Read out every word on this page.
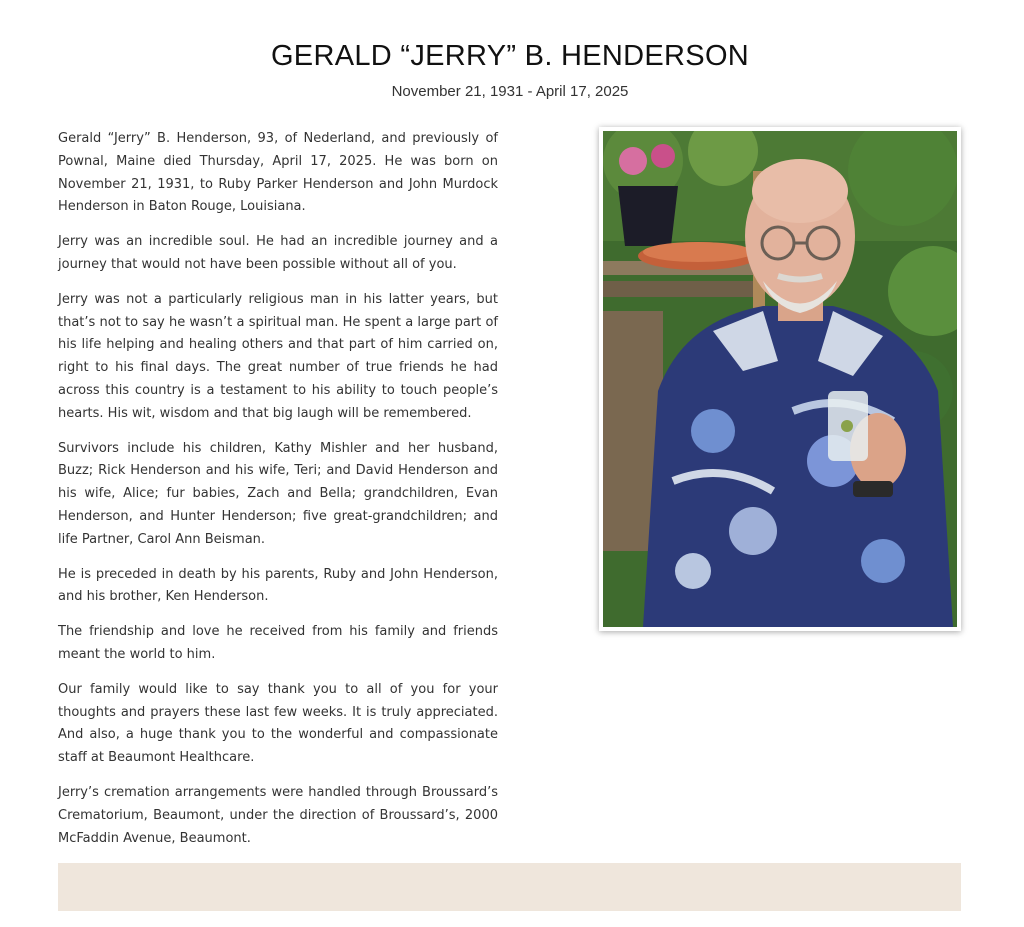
GERALD “JERRY” B. HENDERSON
November 21, 1931 - April 17, 2025

Gerald “Jerry” B. Henderson, 93, of Nederland, and previously of Pownal, Maine died Thursday, April 17, 2025. He was born on November 21, 1931, to Ruby Parker Henderson and John Murdock Henderson in Baton Rouge, Louisiana.

Jerry was an incredible soul. He had an incredible journey and a journey that would not have been possible without all of you.

Jerry was not a particularly religious man in his latter years, but that’s not to say he wasn’t a spiritual man. He spent a large part of his life helping and healing others and that part of him carried on, right to his final days. The great number of true friends he had across this country is a testament to his ability to touch people’s hearts. His wit, wisdom and that big laugh will be remembered.

Survivors include his children, Kathy Mishler and her husband, Buzz; Rick Henderson and his wife, Teri; and David Henderson and his wife, Alice; fur babies, Zach and Bella; grandchildren, Evan Henderson, and Hunter Henderson; five great-grandchildren; and life Partner, Carol Ann Beisman.

He is preceded in death by his parents, Ruby and John Henderson, and his brother, Ken Henderson.

The friendship and love he received from his family and friends meant the world to him.

Our family would like to say thank you to all of you for your thoughts and prayers these last few weeks. It is truly appreciated. And also, a huge thank you to the wonderful and compassionate staff at Beaumont Healthcare.

Jerry’s cremation arrangements were handled through Broussard’s Crematorium, Beaumont, under the direction of Broussard’s, 2000 McFaddin Avenue, Beaumont.
